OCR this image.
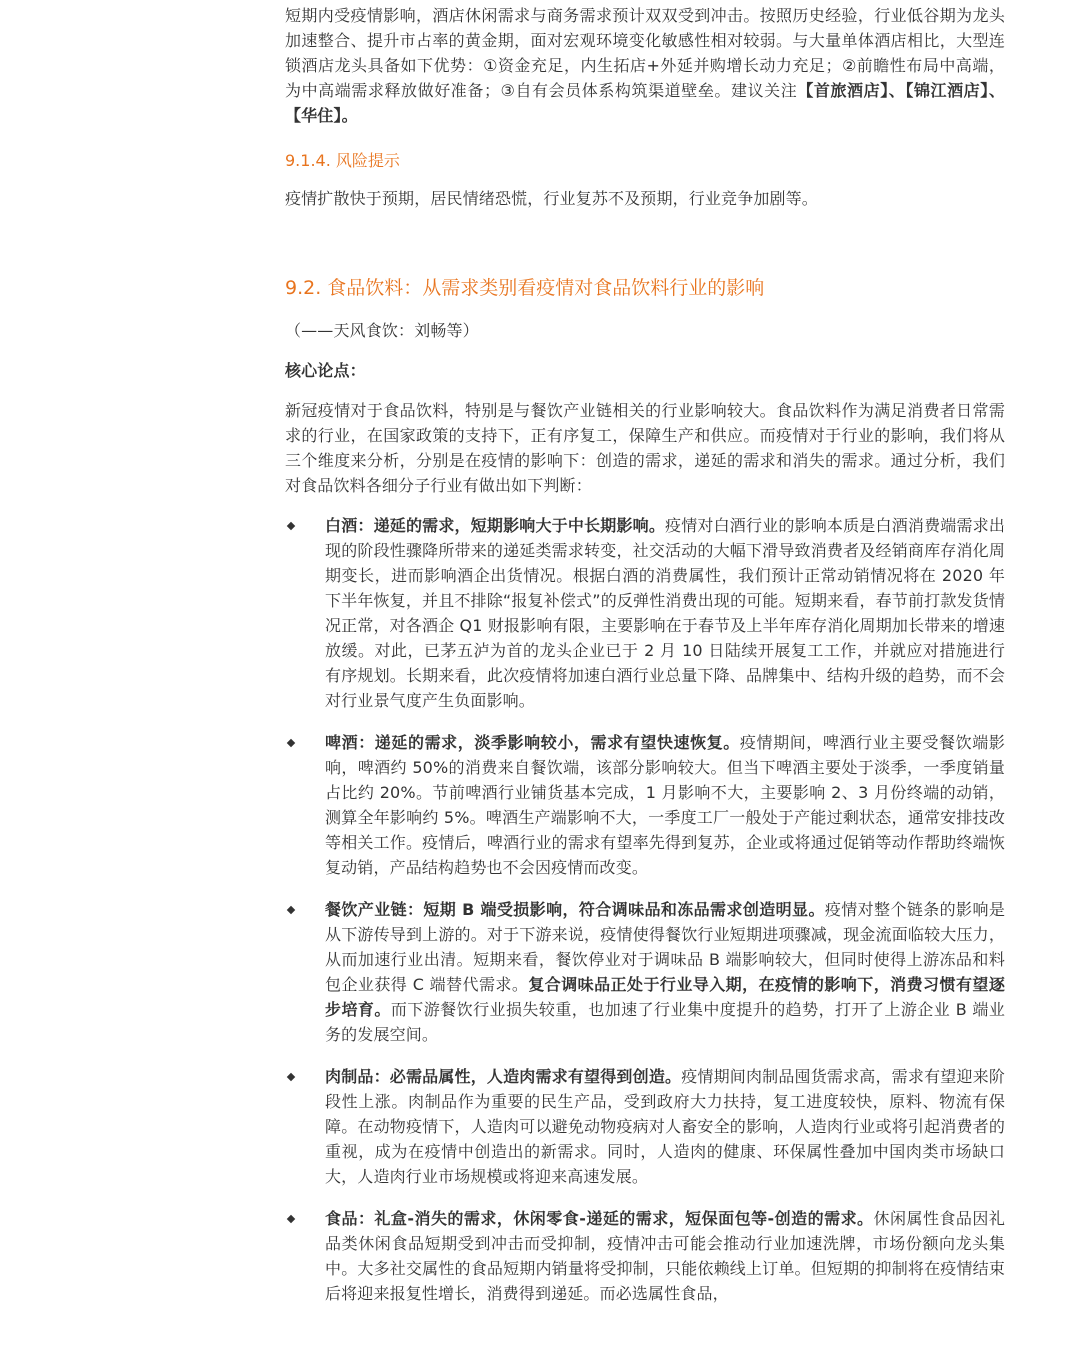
短期内受疫情影响，酒店休闲需求与商务需求预计双双受到冲击。按照历史经验，行业低谷期为龙头加速整合、提升市占率的黄金期，面对宏观环境变化敏感性相对较弱。与大量单体酒店相比，大型连锁酒店龙头具备如下优势：①资金充足，内生拓店+外延并购增长动力充足；②前瞻性布局中高端，为中高端需求释放做好准备；③自有会员体系构筑渠道壁垒。建议关注【首旅酒店】、【锦江酒店】、【华住】。

9.1.4. 风险提示

疫情扩散快于预期，居民情绪恐慌，行业复苏不及预期，行业竞争加剧等。

9.2. 食品饮料：从需求类别看疫情对食品饮料行业的影响

（——天风食饮：刘畅等）

核心论点：

新冠疫情对于食品饮料，特别是与餐饮产业链相关的行业影响较大。食品饮料作为满足消费者日常需求的行业，在国家政策的支持下，正有序复工，保障生产和供应。而疫情对于行业的影响，我们将从三个维度来分析，分别是在疫情的影响下：创造的需求，递延的需求和消失的需求。通过分析，我们对食品饮料各细分子行业有做出如下判断：

白酒：递延的需求，短期影响大于中长期影响。疫情对白酒行业的影响本质是白酒消费端需求出现的阶段性骤降所带来的递延类需求转变，社交活动的大幅下滑导致消费者及经销商库存消化周期变长，进而影响酒企出货情况。根据白酒的消费属性，我们预计正常动销情况将在 2020 年下半年恢复，并且不排除“报复补偿式”的反弹性消费出现的可能。短期来看，春节前打款发货情况正常，对各酒企 Q1 财报影响有限，主要影响在于春节及上半年库存消化周期加长带来的增速放缓。对此，已茅五泸为首的龙头企业已于 2 月 10 日陆续开展复工工作，并就应对措施进行有序规划。长期来看，此次疫情将加速白酒行业总量下降、品牌集中、结构升级的趋势，而不会对行业景气度产生负面影响。

啤酒：递延的需求，淡季影响较小，需求有望快速恢复。疫情期间，啤酒行业主要受餐饮端影响，啤酒约 50%的消费来自餐饮端，该部分影响较大。但当下啤酒主要处于淡季，一季度销量占比约 20%。节前啤酒行业铺货基本完成，1 月影响不大，主要影响 2、3 月份终端的动销，测算全年影响约 5%。啤酒生产端影响不大，一季度工厂一般处于产能过剩状态，通常安排技改等相关工作。疫情后，啤酒行业的需求有望率先得到复苏，企业或将通过促销等动作帮助终端恢复动销，产品结构趋势也不会因疫情而改变。

餐饮产业链：短期 B 端受损影响，符合调味品和冻品需求创造明显。疫情对整个链条的影响是从下游传导到上游的。对于下游来说，疫情使得餐饮行业短期进项骤减，现金流面临较大压力，从而加速行业出清。短期来看，餐饮停业对于调味品 B 端影响较大，但同时使得上游冻品和料包企业获得 C 端替代需求。复合调味品正处于行业导入期，在疫情的影响下，消费习惯有望逐步培育。而下游餐饮行业损失较重，也加速了行业集中度提升的趋势，打开了上游企业 B 端业务的发展空间。

肉制品：必需品属性，人造肉需求有望得到创造。疫情期间肉制品囤货需求高，需求有望迎来阶段性上涨。肉制品作为重要的民生产品，受到政府大力扶持，复工进度较快，原料、物流有保障。在动物疫情下，人造肉可以避免动物疫病对人畜安全的影响，人造肉行业或将引起消费者的重视，成为在疫情中创造出的新需求。同时，人造肉的健康、环保属性叠加中国肉类市场缺口大，人造肉行业市场规模或将迎来高速发展。

食品：礼盒-消失的需求，休闲零食-递延的需求，短保面包等-创造的需求。休闲属性食品因礼品类休闲食品短期受到冲击而受抑制，疫情冲击可能会推动行业加速洗牌，市场份额向龙头集中。大多社交属性的食品短期内销量将受抑制，只能依赖线上订单。但短期的抑制将在疫情结束后将迎来报复性增长，消费得到递延。而必选属性食品，
